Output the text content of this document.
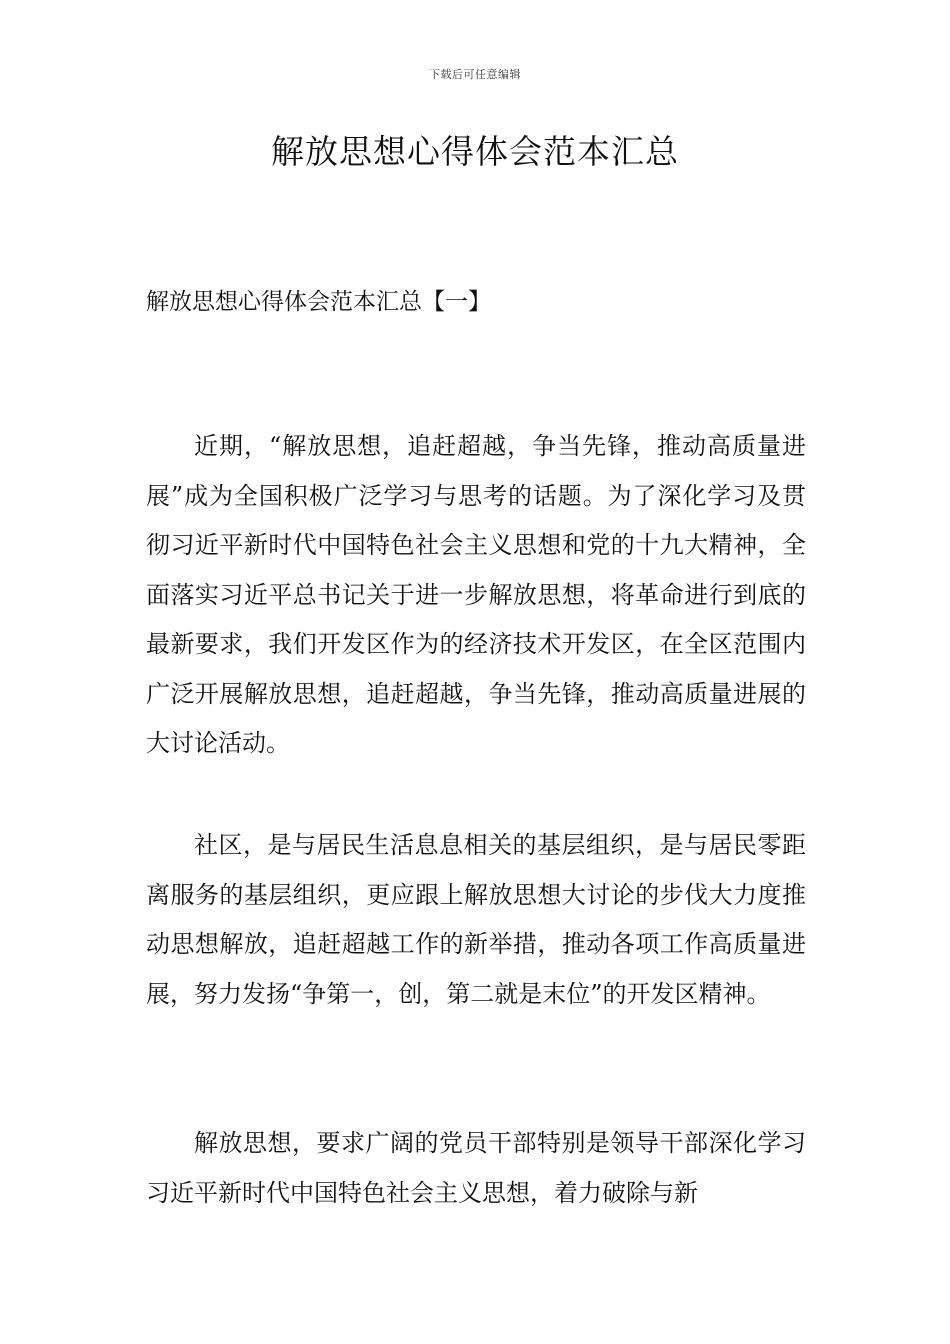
下载后可任意编辑
解放思想心得体会范本汇总
解放思想心得体会范本汇总【一】

近期，“解放思想，追赶超越，争当先锋，推动高质量进展”成为全国积极广泛学习与思考的话题。为了深化学习及贯彻习近平新时代中国特色社会主义思想和党的十九大精神，全面落实习近平总书记关于进一步解放思想，将革命进行到底的最新要求，我们开发区作为的经济技术开发区，在全区范围内广泛开展解放思想，追赶超越，争当先锋，推动高质量进展的大讨论活动。

社区，是与居民生活息息相关的基层组织，是与居民零距离服务的基层组织，更应跟上解放思想大讨论的步伐大力度推动思想解放，追赶超越工作的新举措，推动各项工作高质量进展，努力发扬“争第一，创，第二就是末位”的开发区精神。

解放思想，要求广阔的党员干部特别是领导干部深化学习习近平新时代中国特色社会主义思想，着力破除与新
